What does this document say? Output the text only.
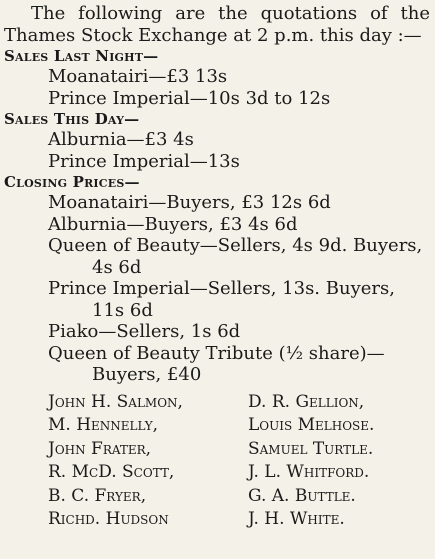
The following are the quotations of the Thames Stock Exchange at 2 p.m. this day :—

Sales Last Night—

Moanatairi—£3 13s

Prince Imperial—10s 3d to 12s

Sales This Day—

Alburnia—£3 4s

Prince Imperial—13s

Closing Prices—

Moanatairi—Buyers, £3 12s 6d

Alburnia—Buyers, £3 4s 6d

Queen of Beauty—Sellers, 4s 9d. Buyers, 4s 6d

Prince Imperial—Sellers, 13s. Buyers, 11s 6d

Piako—Sellers, 1s 6d

Queen of Beauty Tribute (½ share)—Buyers, £40

John H. Salmon,	D. R. Gellion,
M. Hennelly,	Louis Melhose.
John Frater,	Samuel Turtle.
R. McD. Scott,	J. L. Whitford.
B. C. Fryer,	G. A. Buttle.
Richd. Hudson	J. H. White.
